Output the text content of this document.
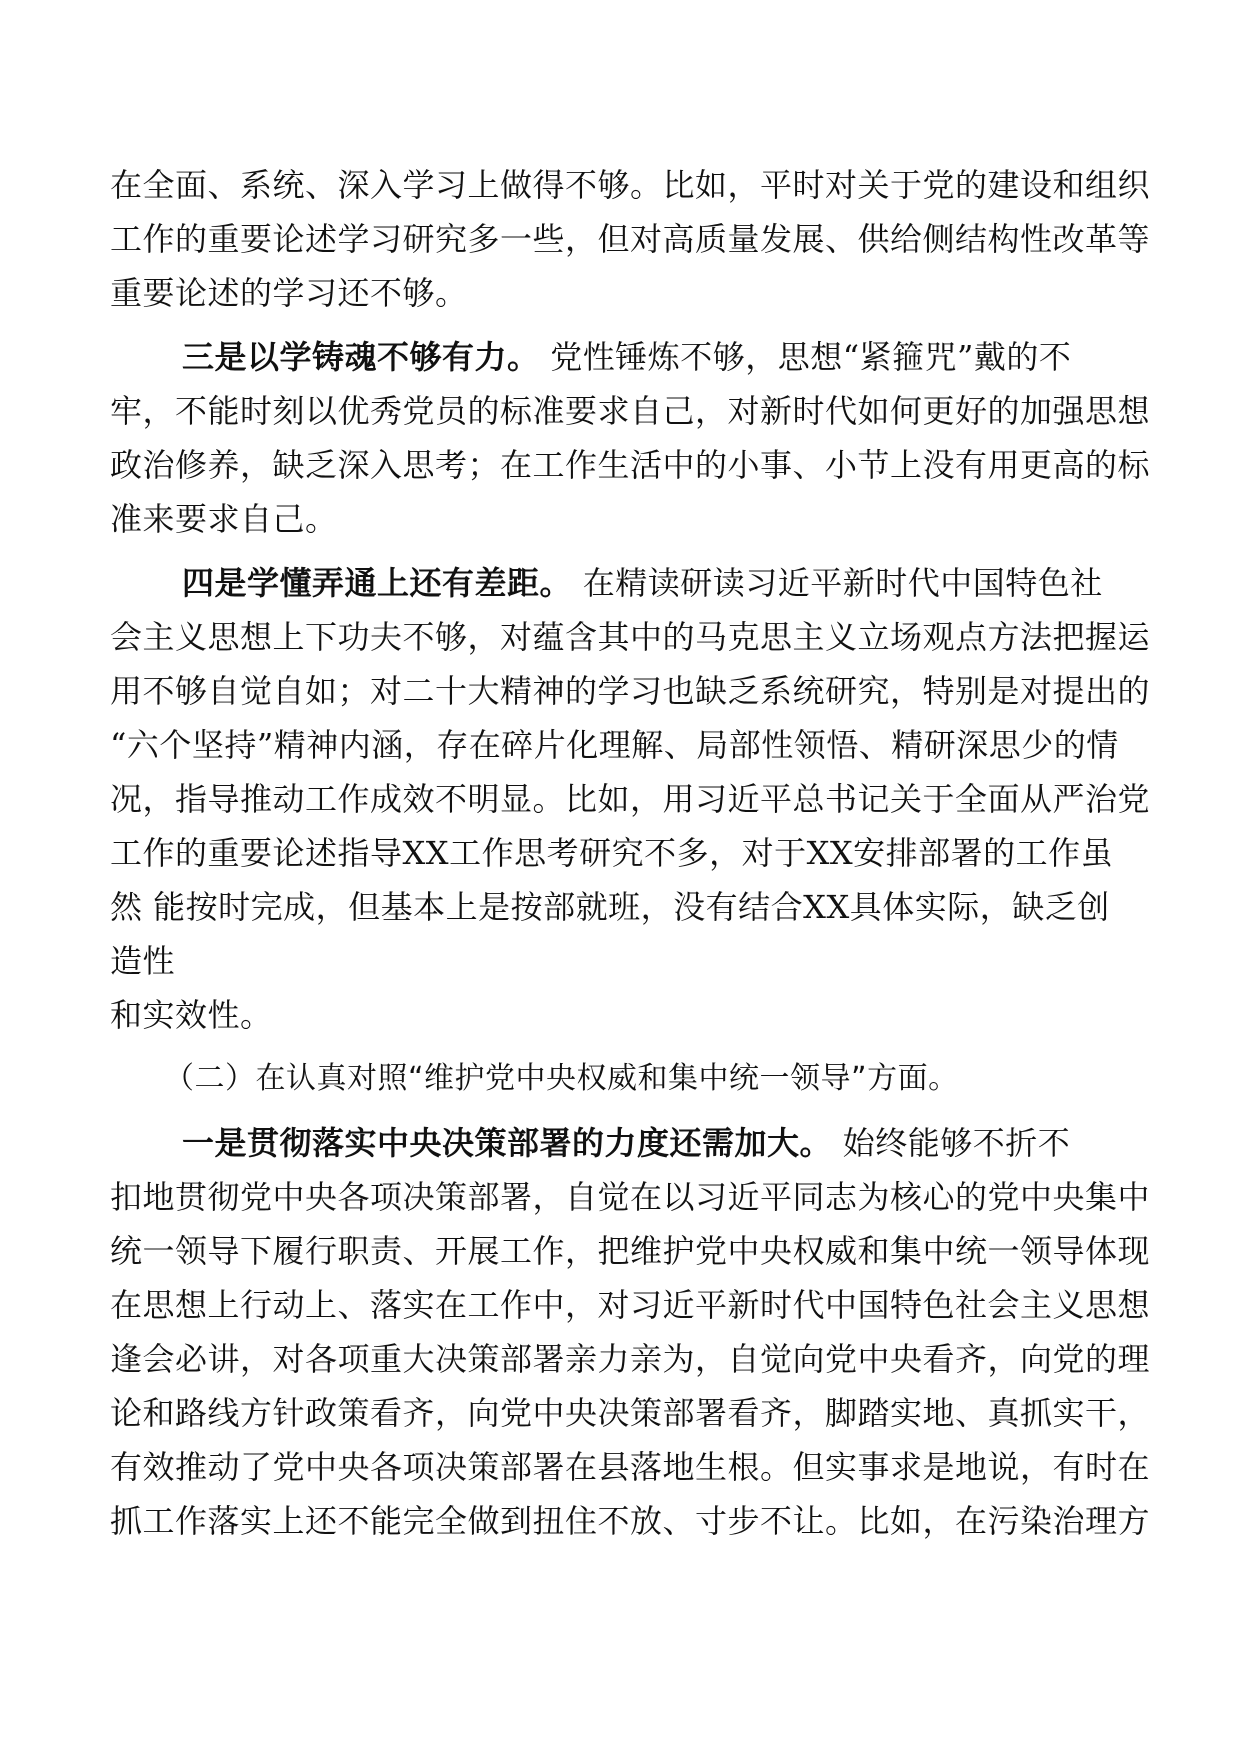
在全面、系统、深入学习上做得不够。比如，平时对关于党的建设和组织
工作的重要论述学习研究多一些，但对高质量发展、供给侧结构性改革等
重要论述的学习还不够。
三是以学铸魂不够有力。 党性锤炼不够，思想“紧箍咒”戴的不
牢，不能时刻以优秀党员的标准要求自己，对新时代如何更好的加强思想
政治修养，缺乏深入思考；在工作生活中的小事、小节上没有用更高的标
准来要求自己。
四是学懂弄通上还有差距。 在精读研读习近平新时代中国特色社
会主义思想上下功夫不够，对蕴含其中的马克思主义立场观点方法把握运
用不够自觉自如；对二十大精神的学习也缺乏系统研究，特别是对提出的
“六个坚持”精神内涵，存在碎片化理解、局部性领悟、精研深思少的情
况，指导推动工作成效不明显。比如，用习近平总书记关于全面从严治党
工作的重要论述指导XX工作思考研究不多，对于XX安排部署的工作虽
然 能按时完成，但基本上是按部就班，没有结合XX具体实际，缺乏创
造性
和实效性。
（二）在认真对照“维护党中央权威和集中统一领导”方面。
一是贯彻落实中央决策部署的力度还需加大。 始终能够不折不
扣地贯彻党中央各项决策部署，自觉在以习近平同志为核心的党中央集中
统一领导下履行职责、开展工作，把维护党中央权威和集中统一领导体现
在思想上行动上、落实在工作中，对习近平新时代中国特色社会主义思想
逢会必讲，对各项重大决策部署亲力亲为，自觉向党中央看齐，向党的理
论和路线方针政策看齐，向党中央决策部署看齐，脚踏实地、真抓实干，
有效推动了党中央各项决策部署在县落地生根。但实事求是地说，有时在
抓工作落实上还不能完全做到扭住不放、寸步不让。比如，在污染治理方
